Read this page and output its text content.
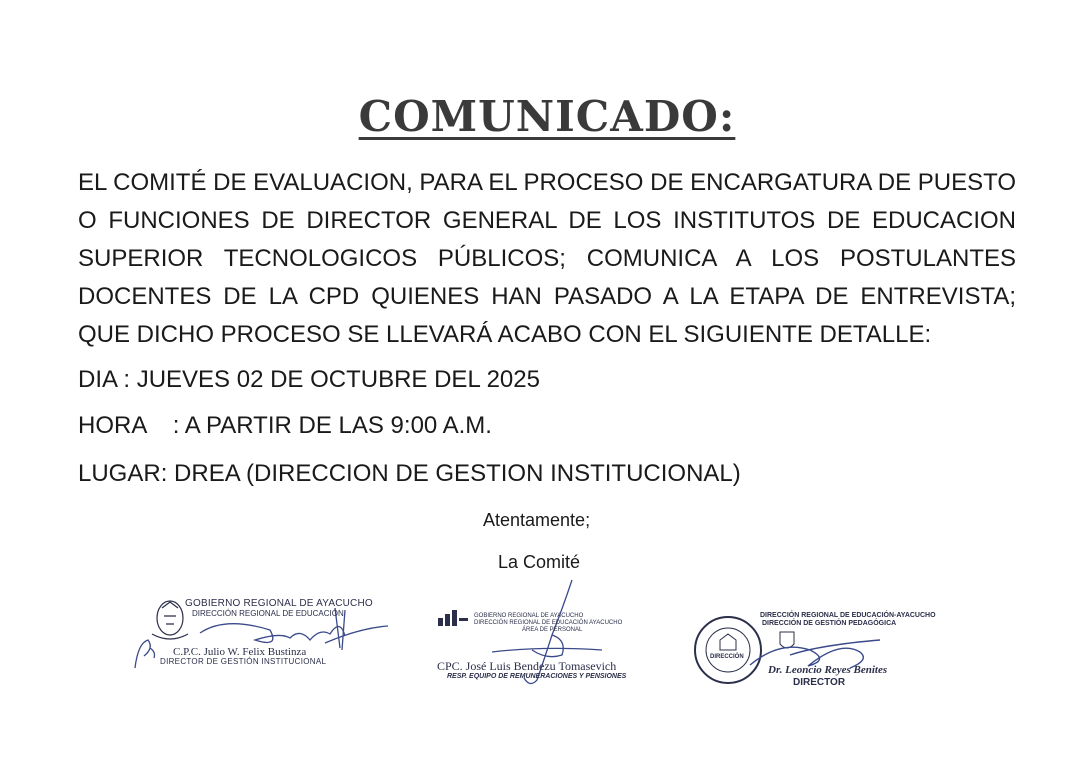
COMUNICADO:

EL COMITÉ DE EVALUACION, PARA EL PROCESO DE ENCARGATURA DE PUESTO O FUNCIONES DE DIRECTOR GENERAL DE LOS INSTITUTOS DE EDUCACION SUPERIOR TECNOLOGICOS PÚBLICOS; COMUNICA A LOS POSTULANTES DOCENTES DE LA CPD QUIENES HAN PASADO A LA ETAPA DE ENTREVISTA; QUE DICHO PROCESO SE LLEVARÁ ACABO CON EL SIGUIENTE DETALLE:

DIA : JUEVES 02 DE OCTUBRE DEL 2025

HORA    : A PARTIR DE LAS 9:00 A.M.

LUGAR: DREA (DIRECCION DE GESTION INSTITUCIONAL)

Atentamente;

La Comité

GOBIERNO REGIONAL DE AYACUCHO
DIRECCIÓN REGIONAL DE EDUCACIÓN
C.P.C. Julio W. Felix Bustinza
DIRECTOR DE GESTIÓN INSTITUCIONAL
GOBIERNO REGIONAL DE AYACUCHO
DIRECCIÓN REGIONAL DE EDUCACIÓN AYACUCHO
ÁREA DE PERSONAL
CPC. José Luis Bendezu Tomasevich
RESP. EQUIPO DE REMUNERACIONES Y PENSIONES
DIRECCIÓN REGIONAL DE EDUCACIÓN-AYACUCHO
DIRECCIÓN DE GESTIÓN PEDAGÓGICA
DIRECCIÓN
Dr. Leoncio Reyes Benites
DIRECTOR
